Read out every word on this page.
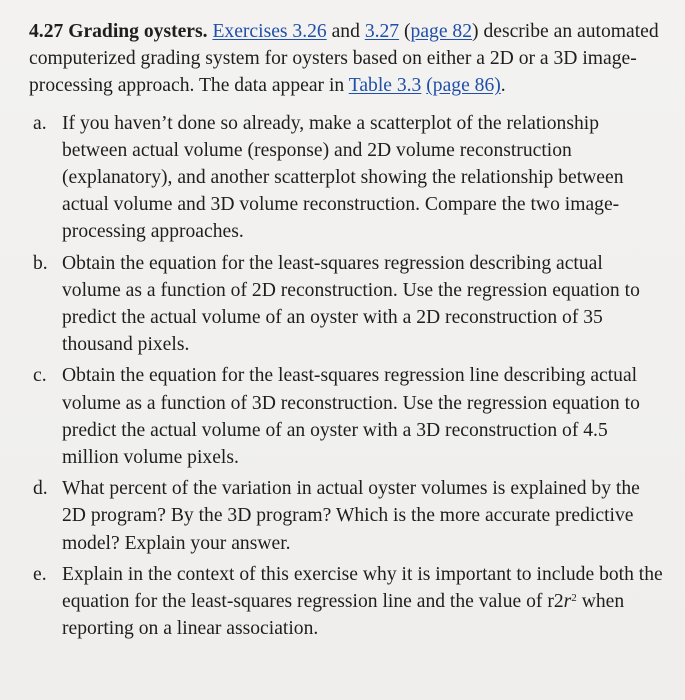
4.27 Grading oysters. Exercises 3.26 and 3.27 (page 82) describe an automated computerized grading system for oysters based on either a 2D or a 3D image-processing approach. The data appear in Table 3.3 (page 86).

a. If you haven’t done so already, make a scatterplot of the relationship between actual volume (response) and 2D volume reconstruction (explanatory), and another scatterplot showing the relationship between actual volume and 3D volume reconstruction. Compare the two image-processing approaches.
b. Obtain the equation for the least-squares regression describing actual volume as a function of 2D reconstruction. Use the regression equation to predict the actual volume of an oyster with a 2D reconstruction of 35 thousand pixels.
c. Obtain the equation for the least-squares regression line describing actual volume as a function of 3D reconstruction. Use the regression equation to predict the actual volume of an oyster with a 3D reconstruction of 4.5 million volume pixels.
d. What percent of the variation in actual oyster volumes is explained by the 2D program? By the 3D program? Which is the more accurate predictive model? Explain your answer.
e. Explain in the context of this exercise why it is important to include both the equation for the least-squares regression line and the value of $r2r^2$ when reporting on a linear association.
